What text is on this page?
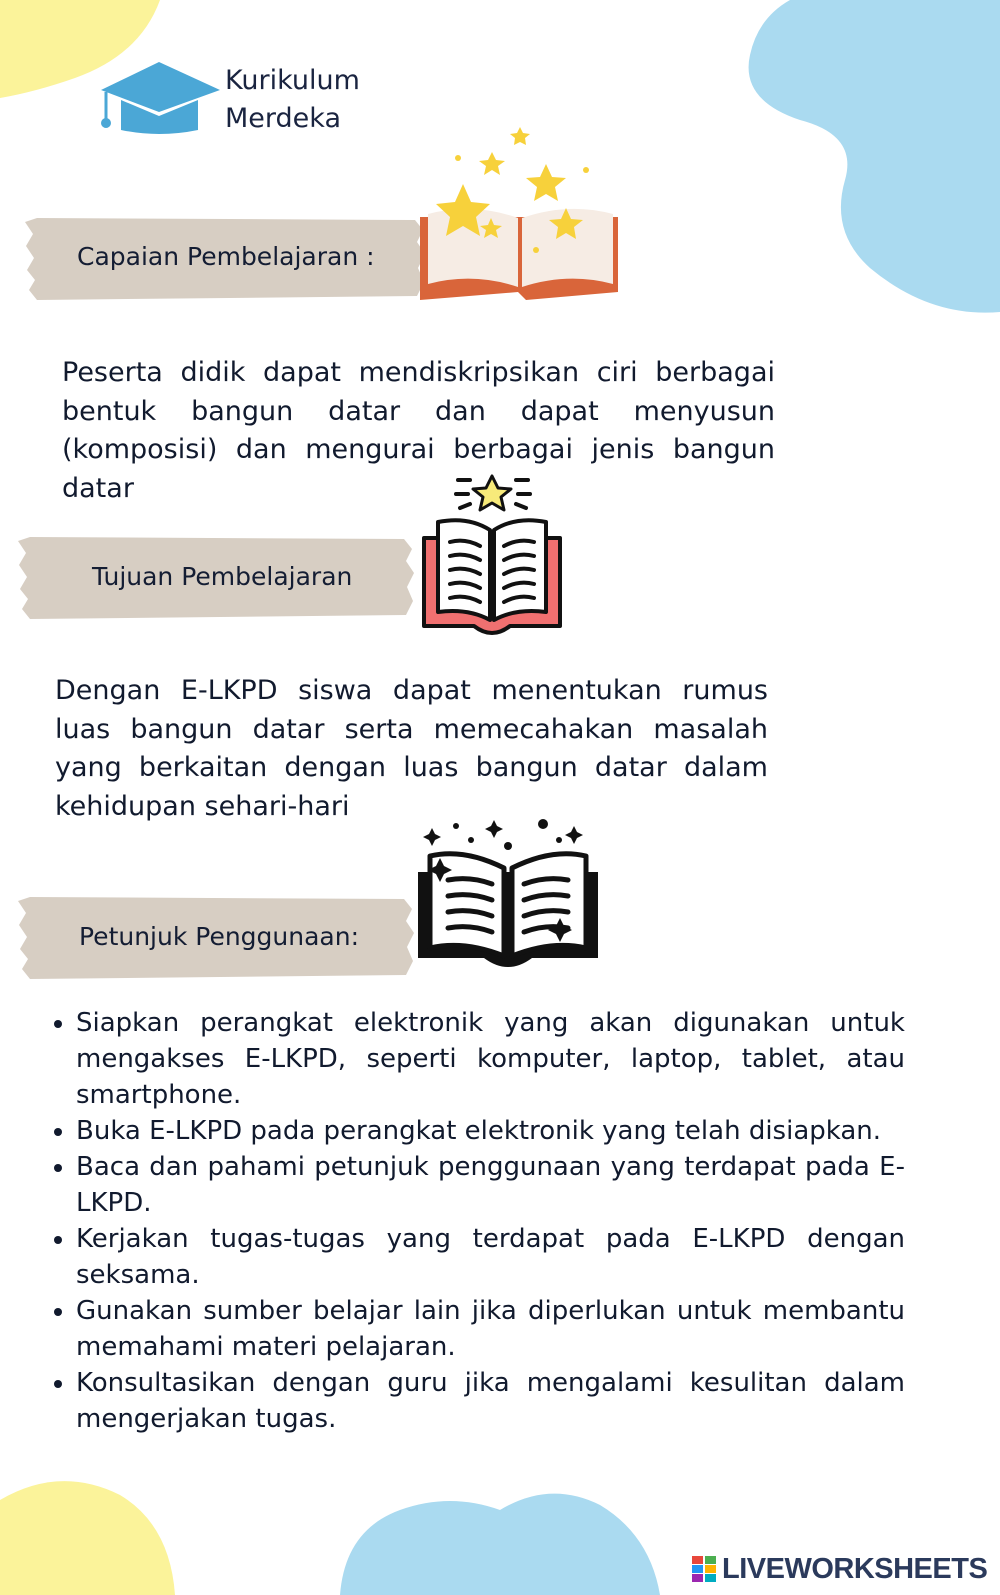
Kurikulum
Merdeka
Capaian Pembelajaran :

Peserta didik dapat mendiskripsikan ciri berbagai bentuk bangun datar dan dapat menyusun (komposisi) dan mengurai berbagai jenis bangun datar

Tujuan Pembelajaran

Dengan E-LKPD siswa dapat menentukan rumus luas bangun datar serta memecahakan masalah yang berkaitan dengan luas bangun datar dalam kehidupan sehari-hari

Petunjuk Penggunaan:
Siapkan perangkat elektronik yang akan digunakan untuk mengakses E-LKPD, seperti komputer, laptop, tablet, atau smartphone.
Buka E-LKPD pada perangkat elektronik yang telah disiapkan.
Baca dan pahami petunjuk penggunaan yang terdapat pada E-LKPD.
Kerjakan tugas-tugas yang terdapat pada E-LKPD dengan seksama.
Gunakan sumber belajar lain jika diperlukan untuk membantu memahami materi pelajaran.
Konsultasikan dengan guru jika mengalami kesulitan dalam mengerjakan tugas.
LIVEWORKSHEETS
